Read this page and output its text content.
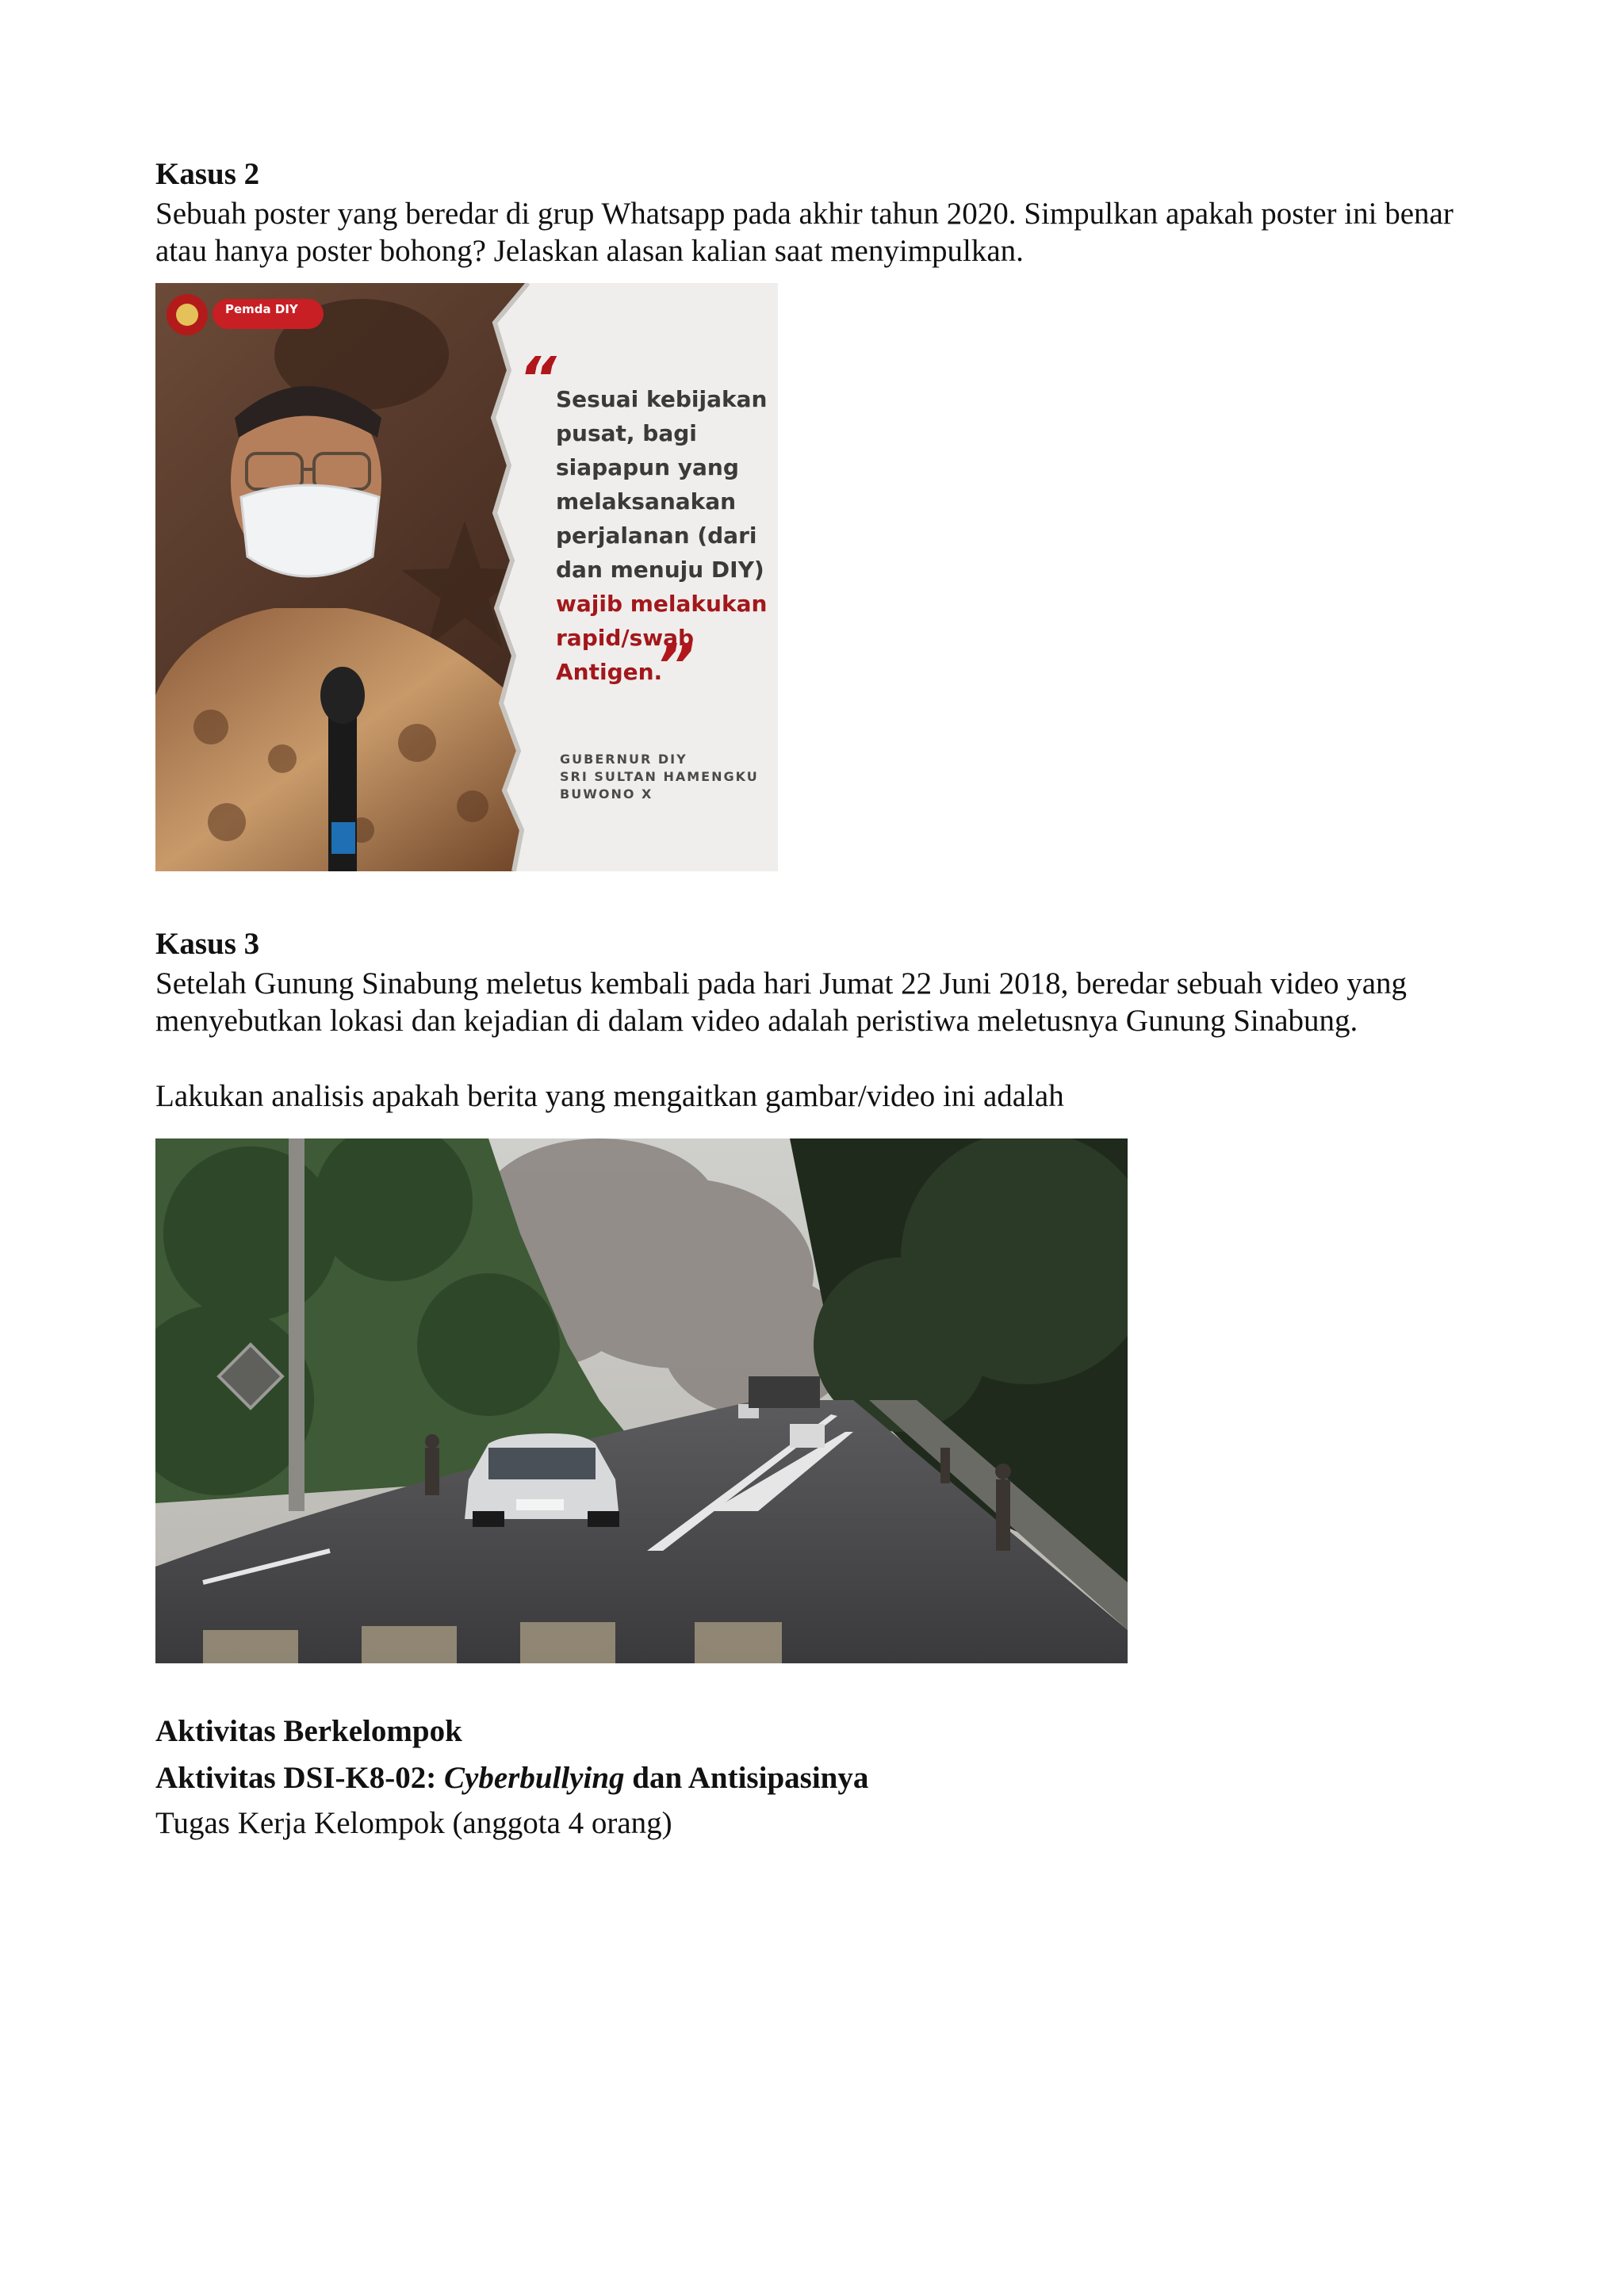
Kasus 2

Sebuah poster yang beredar di grup Whatsapp pada akhir tahun 2020. Simpulkan apakah poster ini benar atau hanya poster bohong? Jelaskan alasan kalian saat menyimpulkan.

Pemda DIY
“ Sesuai kebijakan

pusat, bagi

siapapun yang

melaksanakan

perjalanan (dari

dan menuju DIY)

wajib melakukan

rapid/swab

Antigen.

”

GUBERNUR DIY

SRI SULTAN HAMENGKU

BUWONO X

Kasus 3

Setelah Gunung Sinabung meletus kembali pada hari Jumat 22 Juni 2018, beredar sebuah video yang menyebutkan lokasi dan kejadian di dalam video adalah peristiwa meletusnya Gunung Sinabung.

Lakukan analisis apakah berita yang mengaitkan gambar/video ini adalah

Aktivitas Berkelompok

Aktivitas DSI-K8-02: Cyberbullying dan Antisipasinya

Tugas Kerja Kelompok (anggota 4 orang)
